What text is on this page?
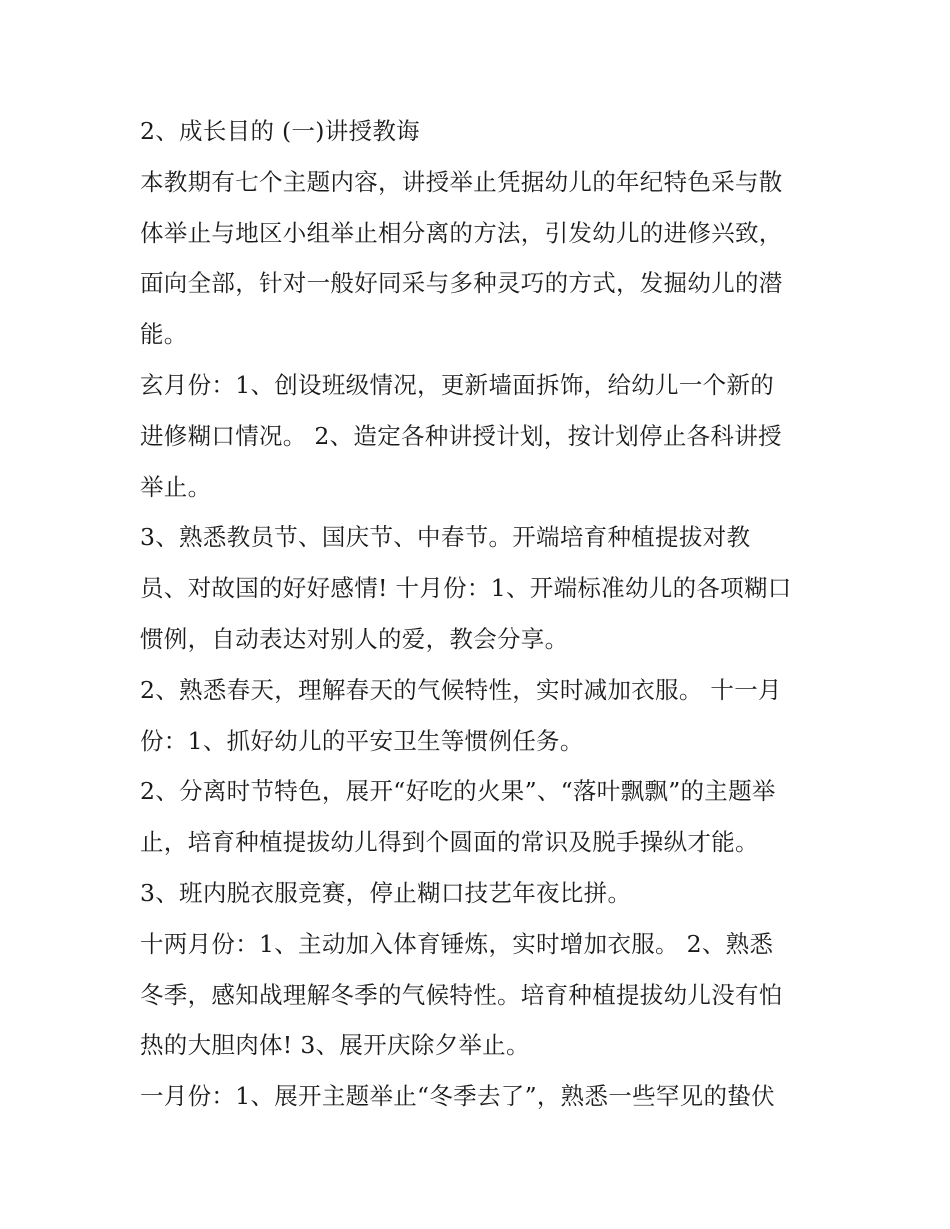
2、成长目的 (一)讲授教诲
本教期有七个主题内容，讲授举止凭据幼儿的年纪特色采与散
体举止与地区小组举止相分离的方法，引发幼儿的进修兴致，
面向全部，针对一般好同采与多种灵巧的方式，发掘幼儿的潜
能。
玄月份：1、创设班级情况，更新墙面拆饰，给幼儿一个新的
进修糊口情况。 2、造定各种讲授计划，按计划停止各科讲授
举止。
3、熟悉教员节、国庆节、中春节。开端培育种植提拔对教
员、对故国的好好感情! 十月份：1、开端标准幼儿的各项糊口
惯例，自动表达对别人的爱，教会分享。
2、熟悉春天，理解春天的气候特性，实时减加衣服。 十一月
份：1、抓好幼儿的平安卫生等惯例任务。
2、分离时节特色，展开“好吃的火果”、“落叶飘飘”的主题举
止，培育种植提拔幼儿得到个圆面的常识及脱手操纵才能。
3、班内脱衣服竞赛，停止糊口技艺年夜比拼。
十两月份：1、主动加入体育锤炼，实时增加衣服。 2、熟悉
冬季，感知战理解冬季的气候特性。培育种植提拔幼儿没有怕
热的大胆肉体! 3、展开庆除夕举止。
一月份：1、展开主题举止“冬季去了”，熟悉一些罕见的蛰伏
